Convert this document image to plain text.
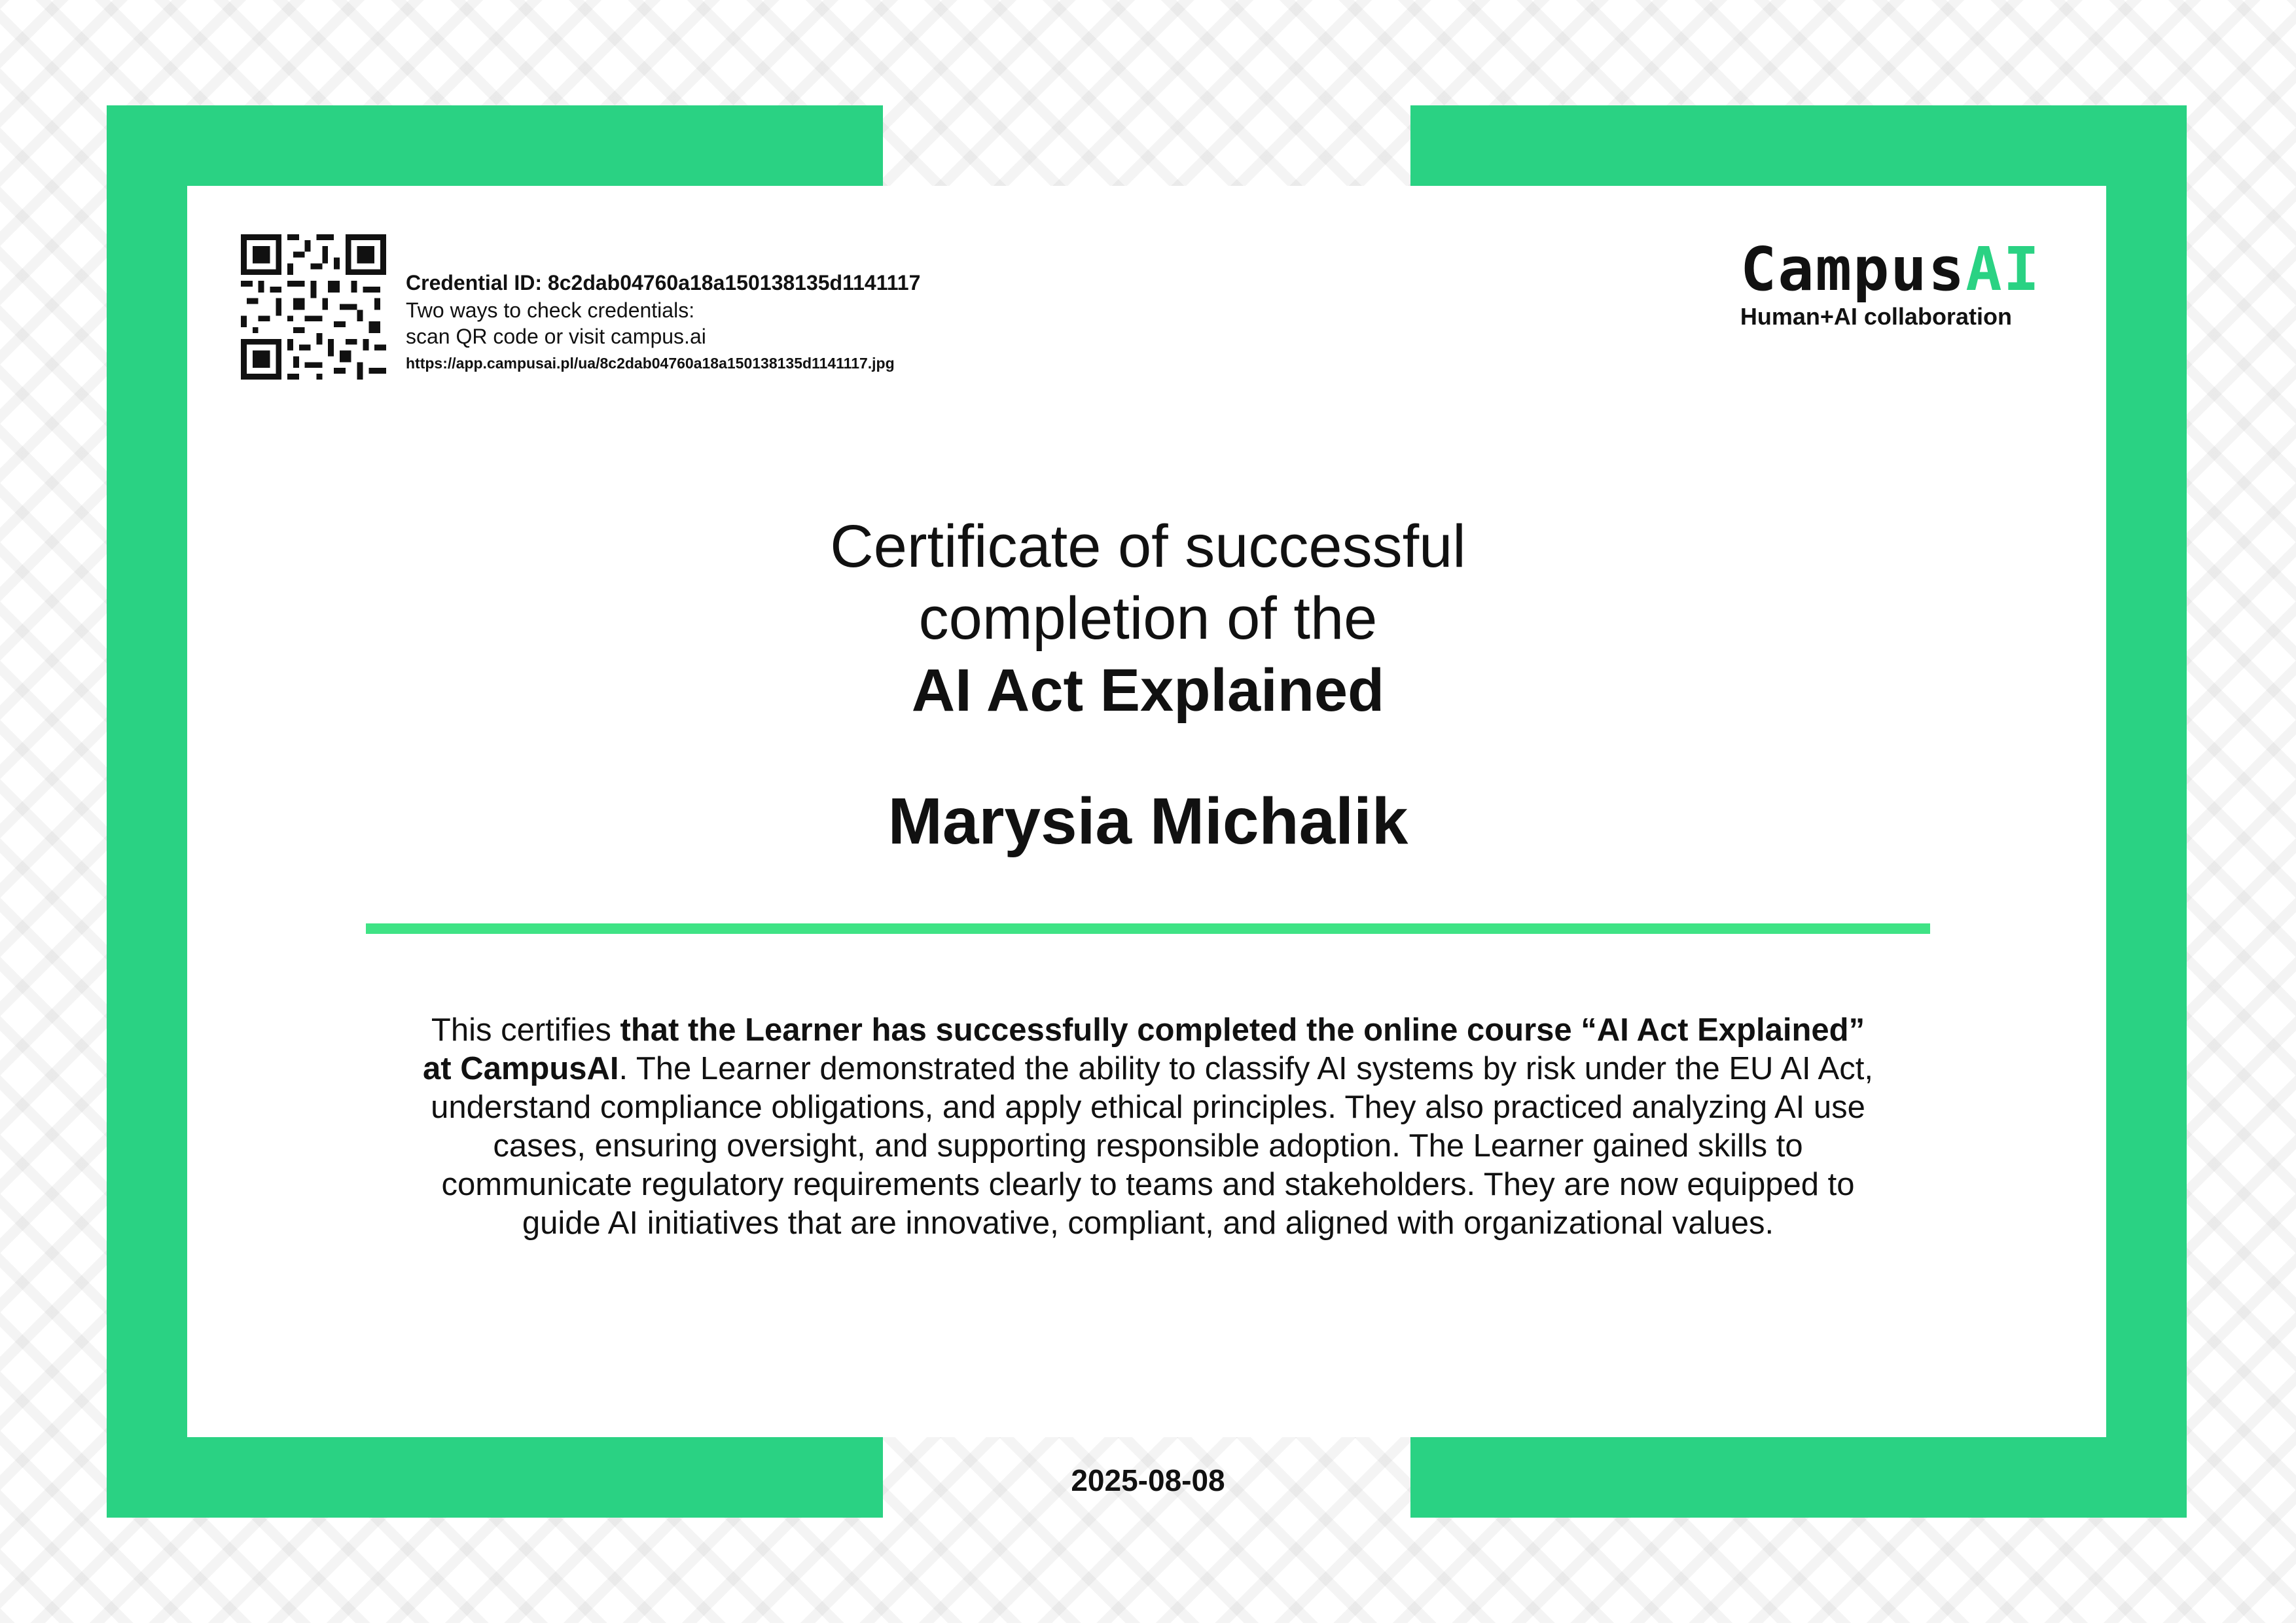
Credential ID: 8c2dab04760a18a150138135d1141117
Two ways to check credentials:
scan QR code or visit campus.ai
https://app.campusai.pl/ua/8c2dab04760a18a150138135d1141117.jpg
CampusAI
Human+AI collaboration
Certificate of successful
completion of the
AI Act Explained
Marysia Michalik
This certifies that the Learner has successfully completed the online course “AI Act Explained” at CampusAI. The Learner demonstrated the ability to classify AI systems by risk under the EU AI Act, understand compliance obligations, and apply ethical principles. They also practiced analyzing AI use cases, ensuring oversight, and supporting responsible adoption. The Learner gained skills to communicate regulatory requirements clearly to teams and stakeholders. They are now equipped to guide AI initiatives that are innovative, compliant, and aligned with organizational values.
2025-08-08
